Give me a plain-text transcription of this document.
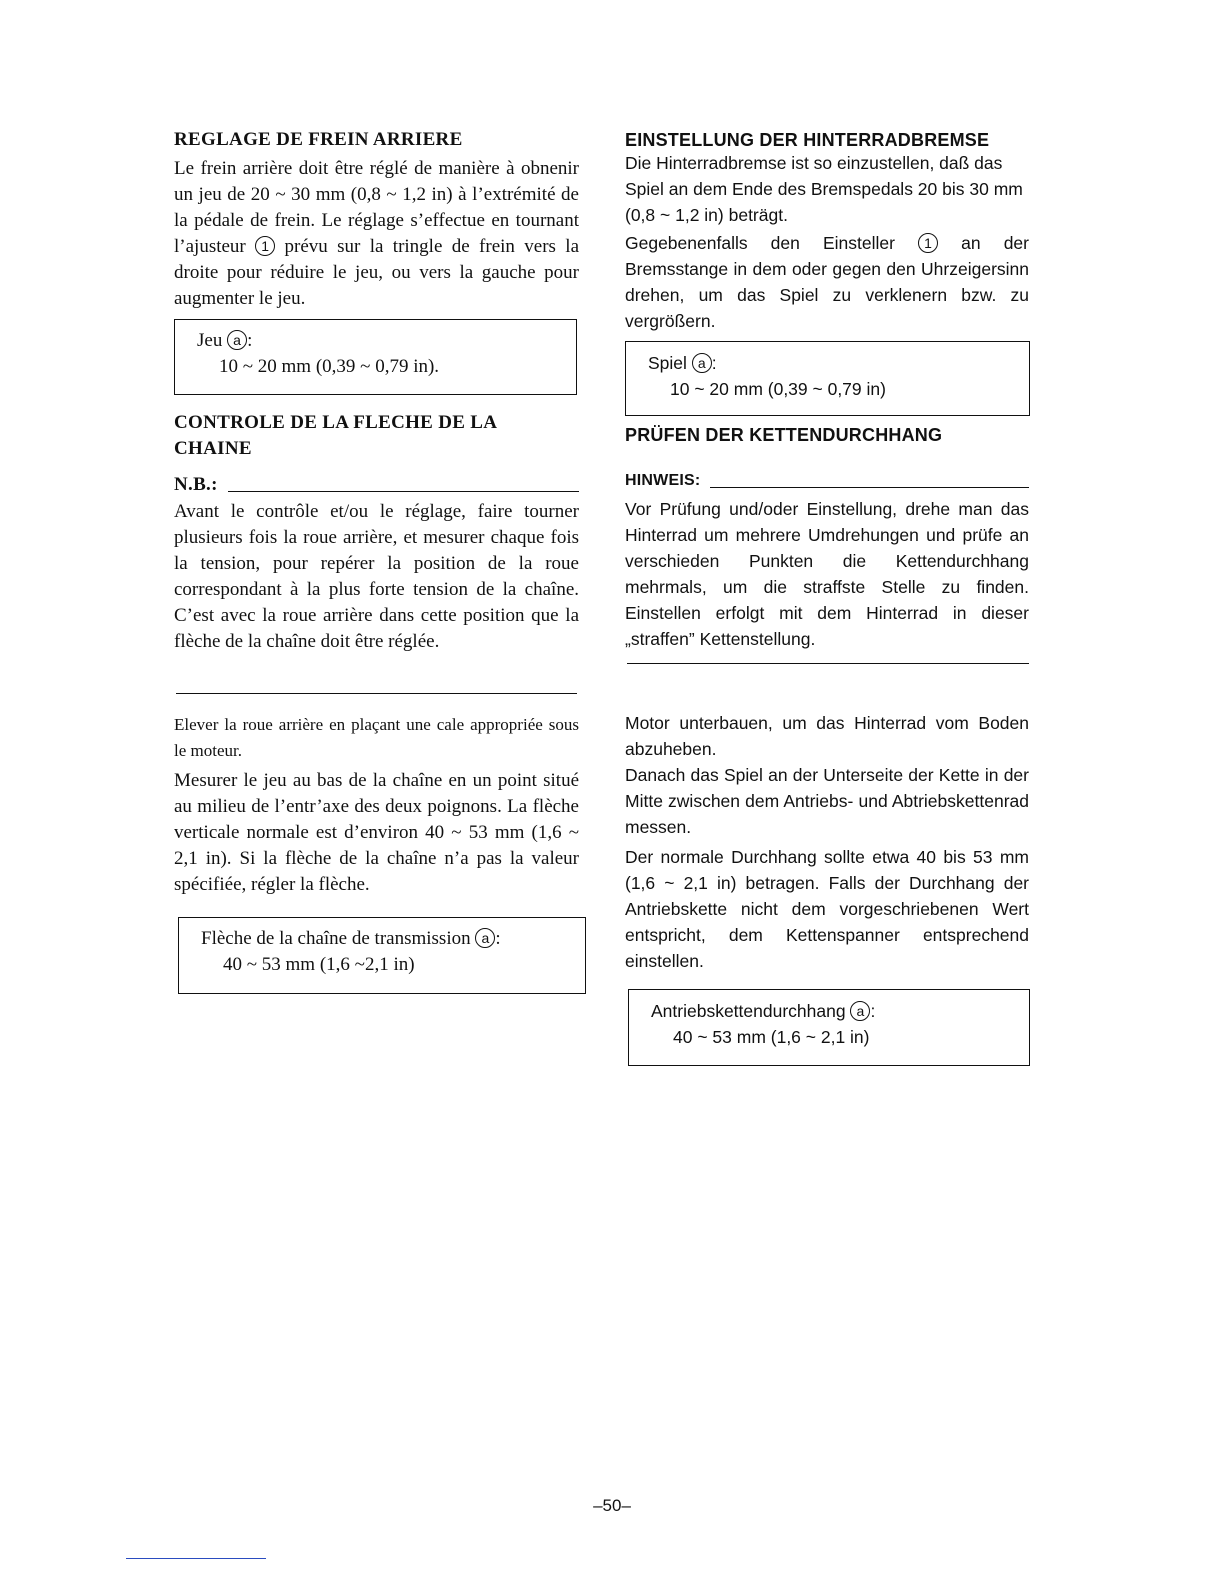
REGLAGE DE FREIN ARRIERE

Le frein arrière doit être réglé de manière à obnenir un jeu de 20 ~ 30 mm (0,8 ~ 1,2 in) à l’extrémité de la pédale de frein. Le réglage s’effectue en tournant l’ajusteur 1 prévu sur la tringle de frein vers la droite pour réduire le jeu, ou vers la gauche pour augmenter le jeu.

Jeu a :
10 ~ 20 mm (0,39 ~ 0,79 in).
CONTROLE DE LA FLECHE DE LA CHAINE
N.B.:

Avant le contrôle et/ou le réglage, faire tourner plusieurs fois la roue arrière, et mesurer chaque fois la tension, pour repérer la position de la roue correspondant à la plus forte tension de la chaîne. C’est avec la roue arrière dans cette position que la flèche de la chaîne doit être réglée.

Elever la roue arrière en plaçant une cale appropriée sous le moteur.

Mesurer le jeu au bas de la chaîne en un point situé au milieu de l’entr’axe des deux poignons. La flèche verticale normale est d’environ 40 ~ 53 mm (1,6 ~ 2,1 in). Si la flèche de la chaîne n’a pas la valeur spécifiée, régler la flèche.

Flèche de la chaîne de transmission a :
40 ~ 53 mm (1,6 ~2,1 in)
EINSTELLUNG DER HINTERRADBREMSE

Die Hinterradbremse ist so einzustellen, daß das Spiel an dem Ende des Bremspedals 20 bis 30 mm (0,8 ~ 1,2 in) beträgt.

Gegebenenfalls den Einsteller 1 an der Bremsstange in dem oder gegen den Uhrzeigersinn drehen, um das Spiel zu verklenern bzw. zu vergrößern.

Spiel a :
10 ~ 20 mm (0,39 ~ 0,79 in)
PRÜFEN DER KETTENDURCHHANG
HINWEIS:

Vor Prüfung und/oder Einstellung, drehe man das Hinterrad um mehrere Umdrehungen und prüfe an verschieden Punkten die Kettendurchhang mehrmals, um die straffste Stelle zu finden. Einstellen erfolgt mit dem Hinterrad in dieser „straffen” Kettenstellung.

Motor unterbauen, um das Hinterrad vom Boden abzuheben.

Danach das Spiel an der Unterseite der Kette in der Mitte zwischen dem Antriebs- und Abtriebskettenrad messen.

Der normale Durchhang sollte etwa 40 bis 53 mm (1,6 ~ 2,1 in) betragen. Falls der Durchhang der Antriebskette nicht dem vorgeschriebenen Wert entspricht, dem Kettenspanner entsprechend einstellen.

Antriebskettendurchhang a :
40 ~ 53 mm (1,6 ~ 2,1 in)
–50–
